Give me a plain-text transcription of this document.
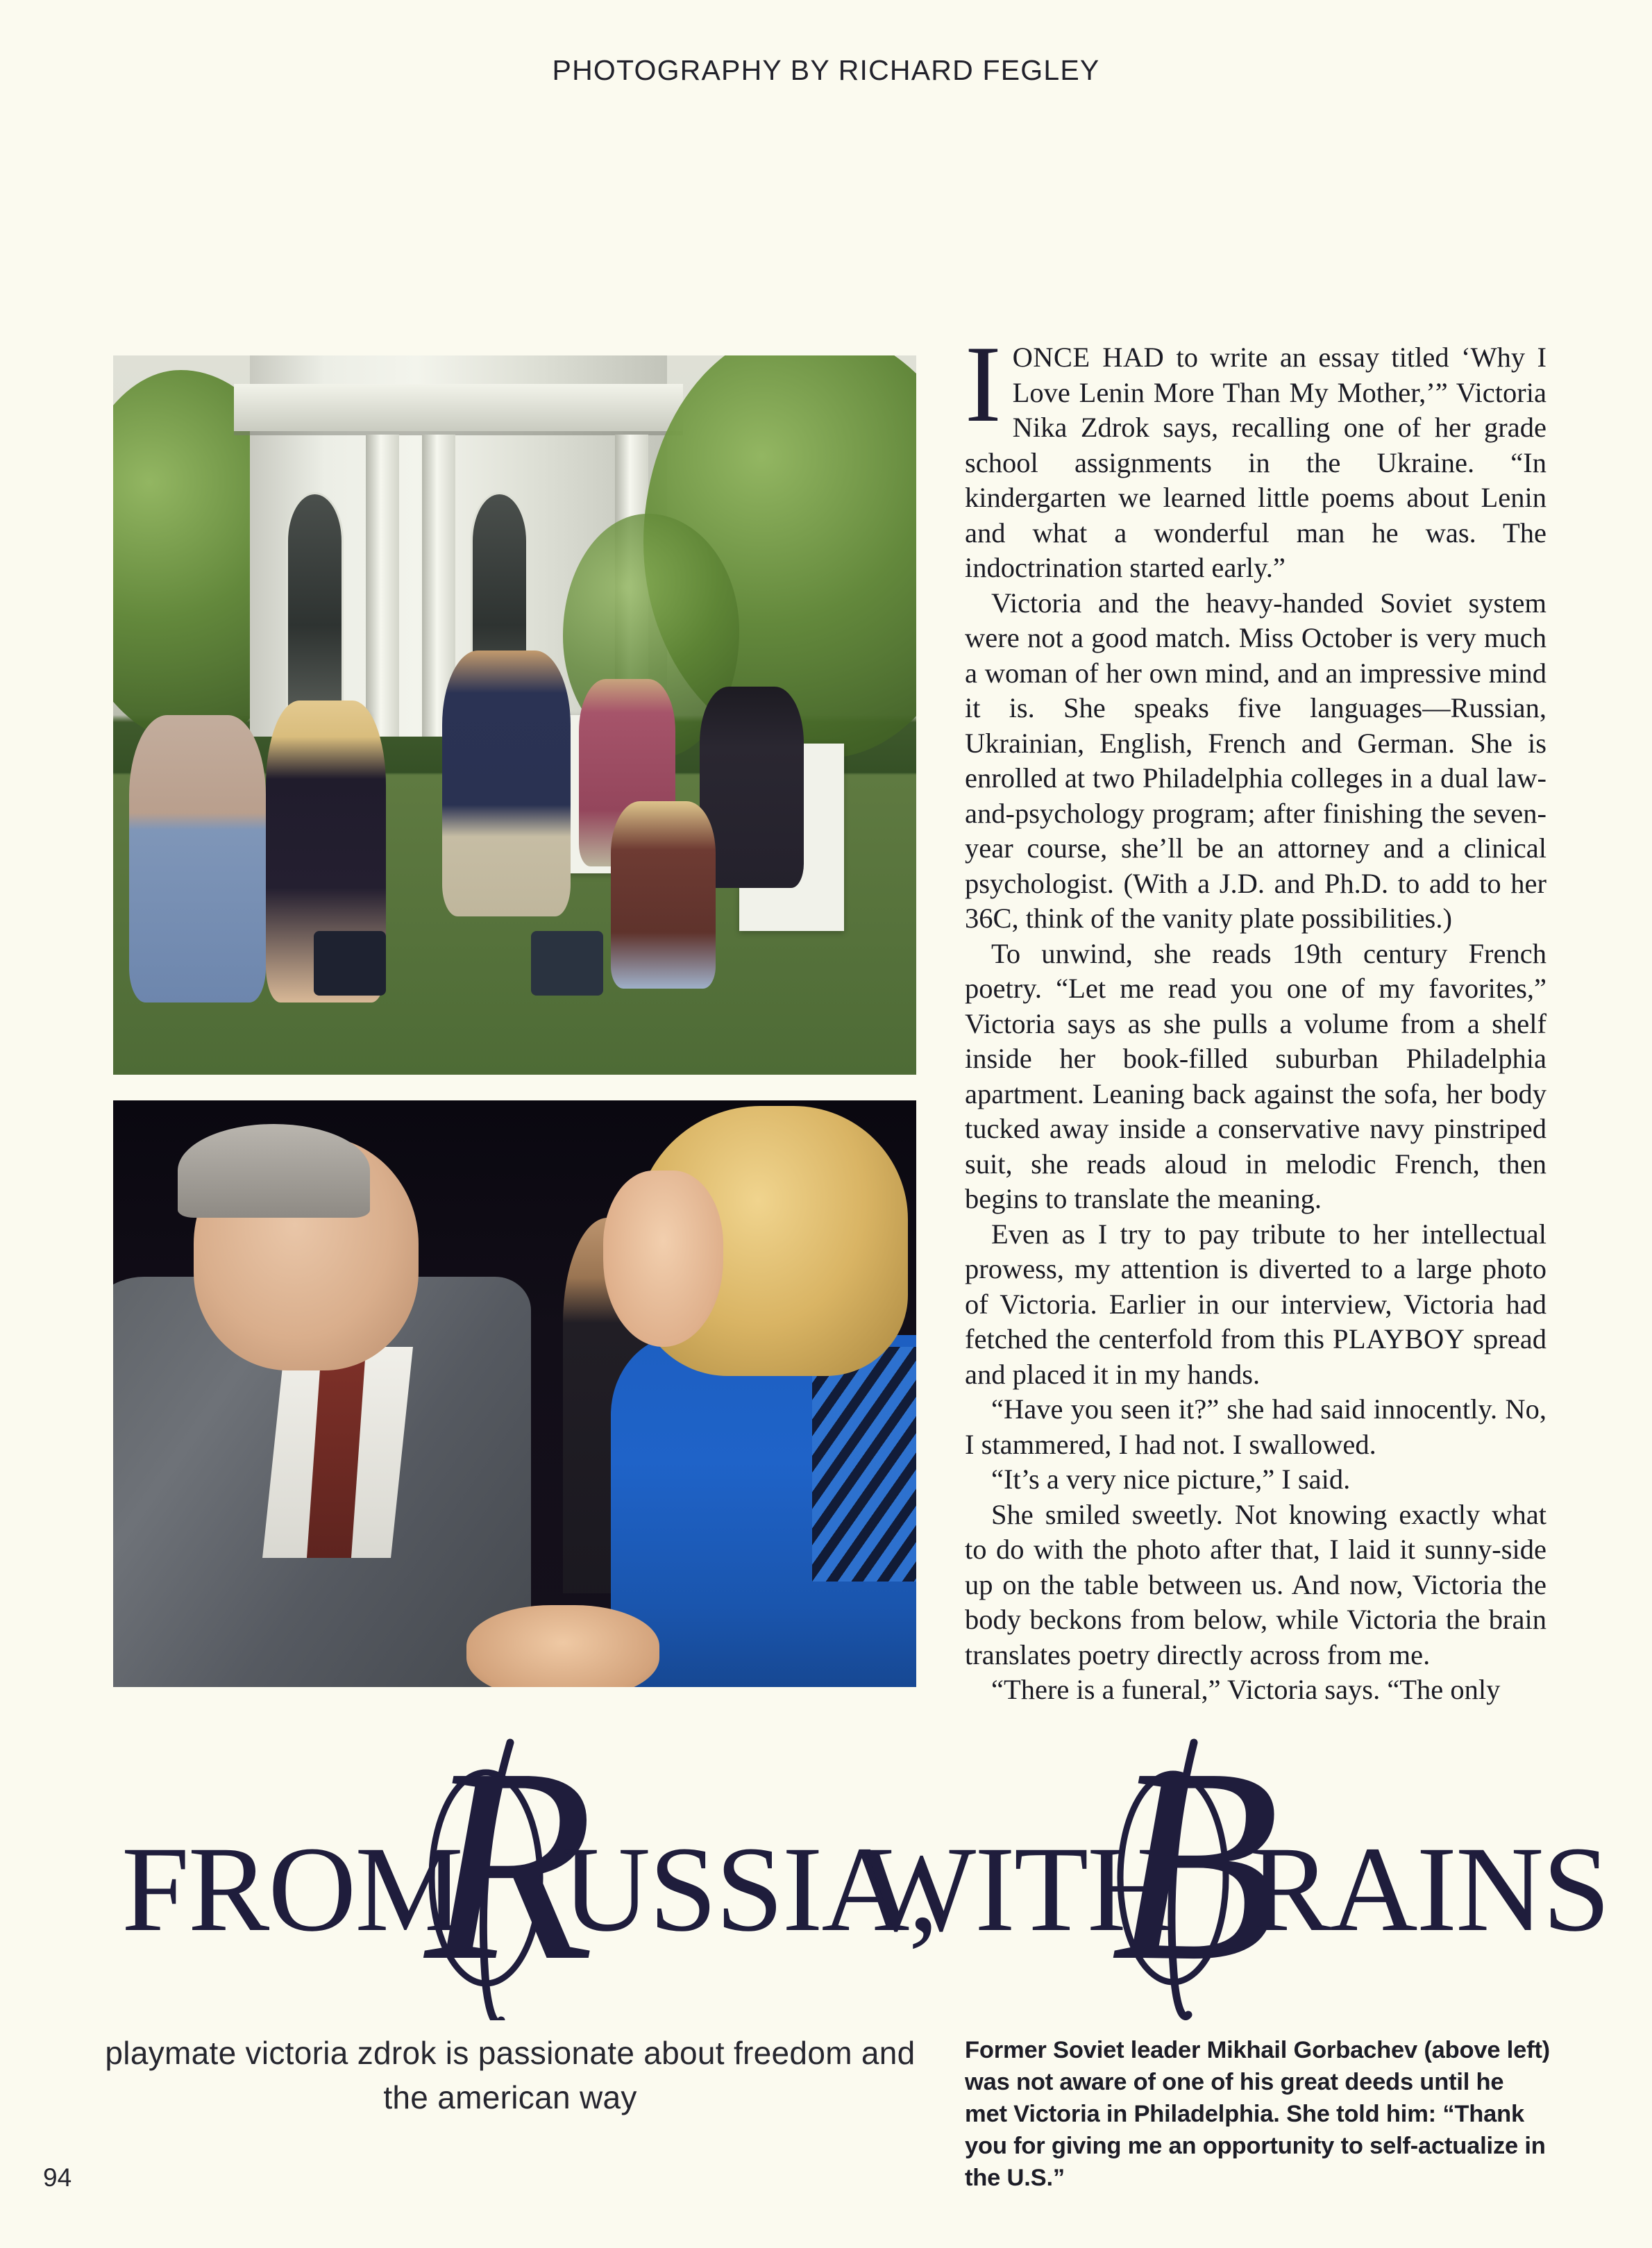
PHOTOGRAPHY BY RICHARD FEGLEY

IONCE HAD to write an essay titled ‘Why I Love Lenin More Than My Mother,’” Victoria Nika Zdrok says, recalling one of her grade school assignments in the Ukraine. “In kindergarten we learned little poems about Lenin and what a wonderful man he was. The indoctrination started early.”

Victoria and the heavy-handed Soviet system were not a good match. Miss October is very much a woman of her own mind, and an impressive mind it is. She speaks five languages—Russian, Ukrainian, English, French and German. She is enrolled at two Philadelphia colleges in a dual law-and-psychology program; after finishing the seven-year course, she’ll be an attorney and a clinical psychologist. (With a J.D. and Ph.D. to add to her 36C, think of the vanity plate possibilities.)

To unwind, she reads 19th century French poetry. “Let me read you one of my favorites,” Victoria says as she pulls a volume from a shelf inside her book-filled suburban Philadelphia apartment. Leaning back against the sofa, her body tucked away inside a conservative navy pinstriped suit, she reads aloud in melodic French, then begins to translate the meaning.

Even as I try to pay tribute to her intellectual prowess, my attention is diverted to a large photo of Victoria. Earlier in our interview, Victoria had fetched the centerfold from this PLAYBOY spread and placed it in my hands.

“Have you seen it?” she had said innocently. No, I stammered, I had not. I swallowed.

“It’s a very nice picture,” I said.

She smiled sweetly. Not knowing exactly what to do with the photo after that, I laid it sunny-side up on the table between us. And now, Victoria the body beckons from below, while Victoria the brain translates poetry directly across from me.

“There is a funeral,” Victoria says. “The only

FROM
R
USSIA,
WITH
B
RAINS
playmate victoria zdrok is passionate about freedom and the american way
Former Soviet leader Mikhail Gorbachev (above left) was not aware of one of his great deeds until he met Victoria in Philadelphia. She told him: “Thank you for giving me an opportunity to self-actualize in the U.S.”
94
